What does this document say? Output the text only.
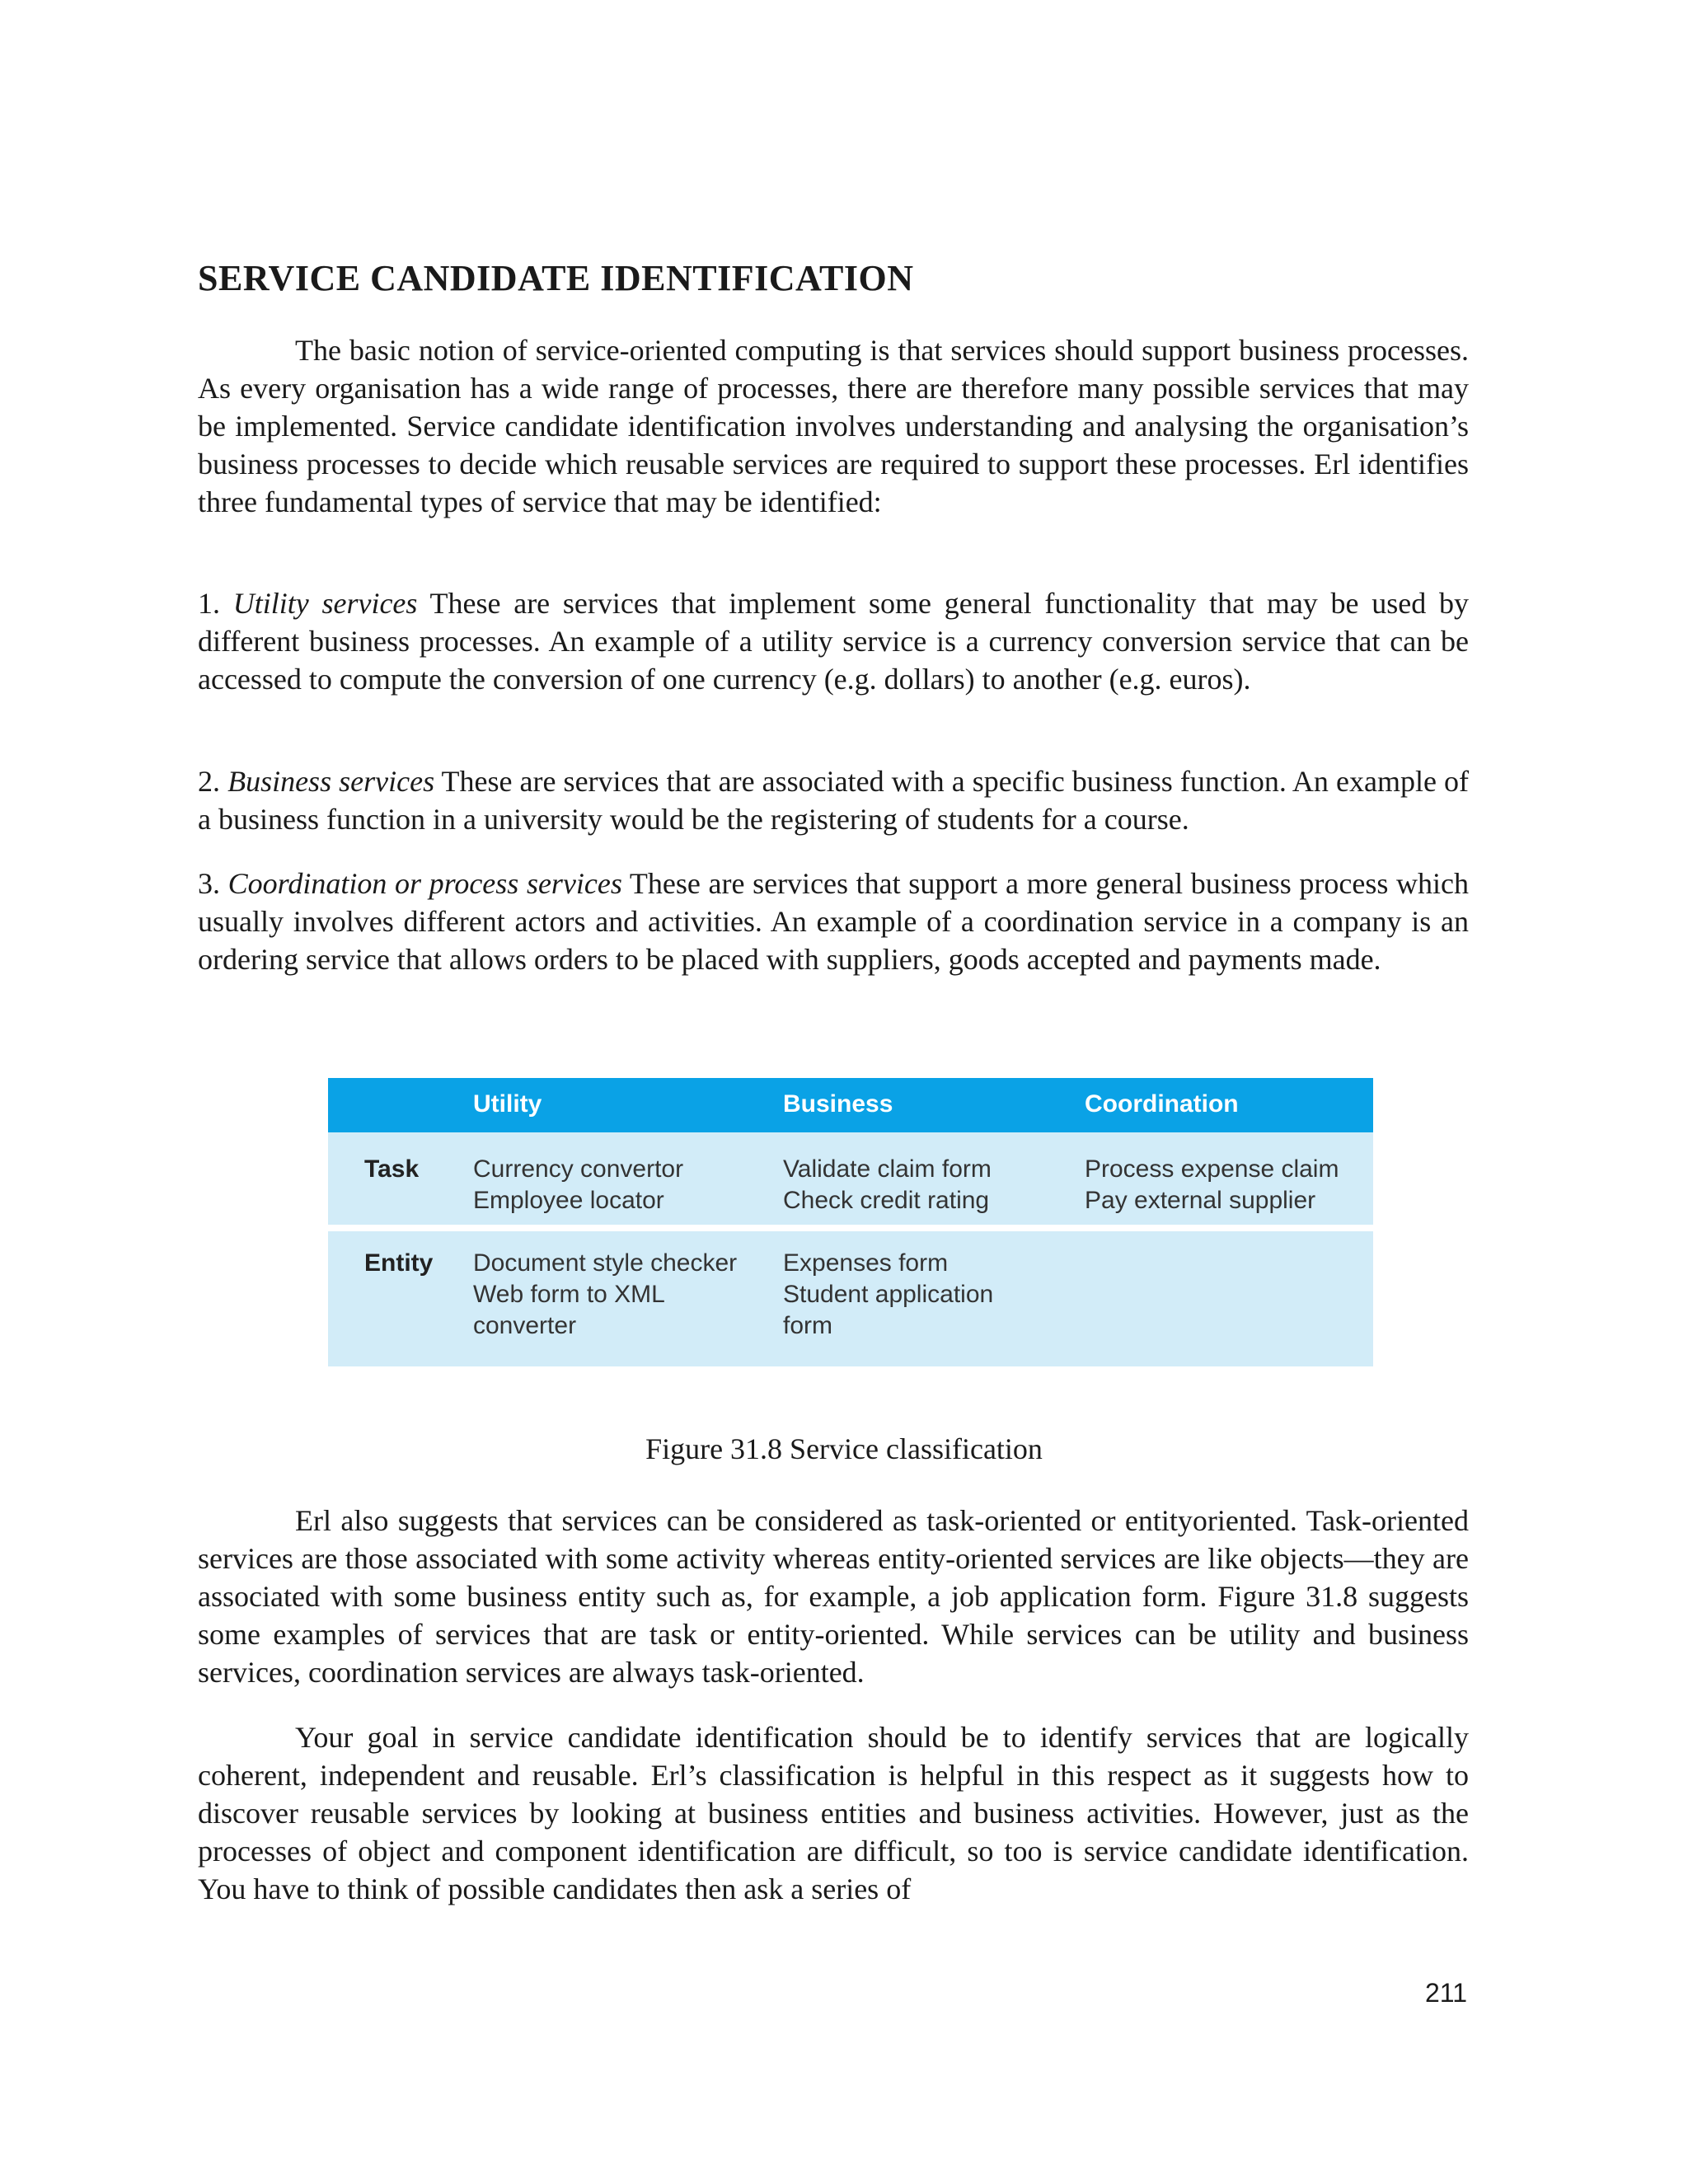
SERVICE CANDIDATE IDENTIFICATION

The basic notion of service-oriented computing is that services should support business processes. As every organisation has a wide range of processes, there are therefore many possible services that may be implemented. Service candidate identification involves understanding and analysing the organisation’s business processes to decide which reusable services are required to support these processes. Erl identifies three fundamental types of service that may be identified:

1. Utility services These are services that implement some general functionality that may be used by different business processes. An example of a utility service is a currency conversion service that can be accessed to compute the conversion of one currency (e.g. dollars) to another (e.g. euros).

2. Business services These are services that are associated with a specific business function. An example of a business function in a university would be the registering of students for a course.

3. Coordination or process services These are services that support a more general business process which usually involves different actors and activities. An example of a coordination service in a company is an ordering service that allows orders to be placed with suppliers, goods accepted and payments made.

Utility	Business	Coordination
Task Currency convertor
Employee locator
Validate claim form
Check credit rating
Process expense claim
Pay external supplier
Entity Document style checker
Web form to XML
converter
Expenses form
Student application
form
Figure 31.8 Service classification

Erl also suggests that services can be considered as task-oriented or entityoriented. Task-oriented services are those associated with some activity whereas entity-oriented services are like objects—they are associated with some business entity such as, for example, a job application form. Figure 31.8 suggests some examples of services that are task or entity-oriented. While services can be utility and business services, coordination services are always task-oriented.

Your goal in service candidate identification should be to identify services that are logically coherent, independent and reusable. Erl’s classification is helpful in this respect as it suggests how to discover reusable services by looking at business entities and business activities. However, just as the processes of object and component identification are difficult, so too is service candidate identification. You have to think of possible candidates then ask a series of

211
